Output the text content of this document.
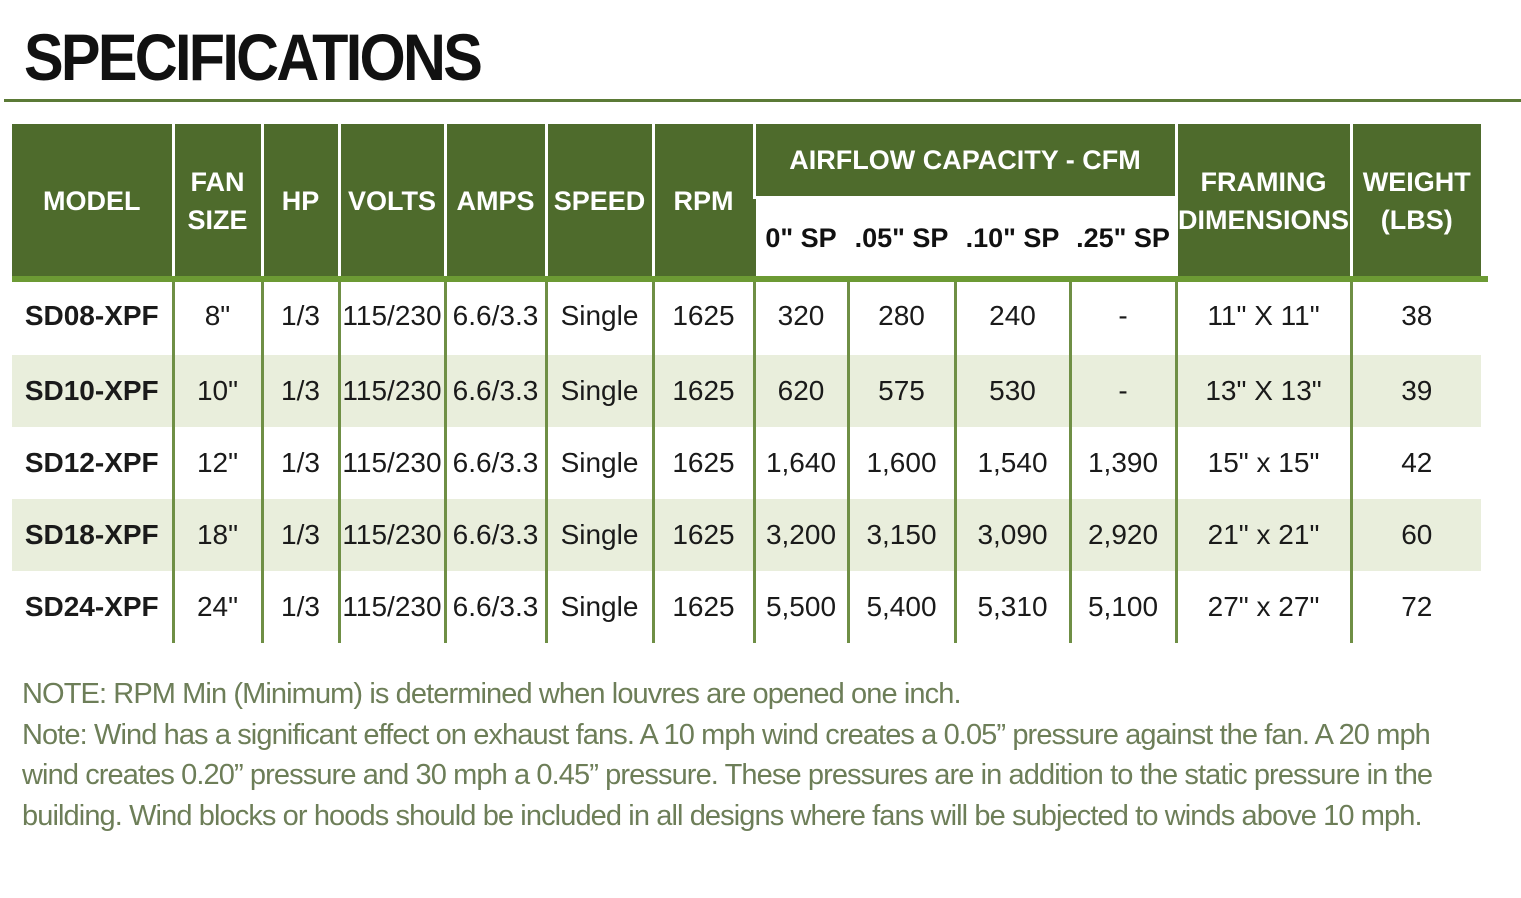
SPECIFICATIONS
MODEL	FAN SIZE	HP	VOLTS	AMPS	SPEED	RPM	AIRFLOW CAPACITY - CFM				FRAMING DIMENSIONS	WEIGHT (LBS)
							0" SP	.05" SP	.10" SP	.25" SP		
SD08-XPF	8"	1/3	115/230	6.6/3.3	Single	1625	320	280	240	-	11" X 11"	38
SD10-XPF	10"	1/3	115/230	6.6/3.3	Single	1625	620	575	530	-	13" X 13"	39
SD12-XPF	12"	1/3	115/230	6.6/3.3	Single	1625	1,640	1,600	1,540	1,390	15" x 15"	42
SD18-XPF	18"	1/3	115/230	6.6/3.3	Single	1625	3,200	3,150	3,090	2,920	21" x 21"	60
SD24-XPF	24"	1/3	115/230	6.6/3.3	Single	1625	5,500	5,400	5,310	5,100	27" x 27"	72

NOTE: RPM Min (Minimum) is determined when louvres are opened one inch.

Note: Wind has a significant effect on exhaust fans. A 10 mph wind creates a 0.05” pressure against the fan. A 20 mph wind creates 0.20” pressure and 30 mph a 0.45” pressure. These pressures are in addition to the static pressure in the building. Wind blocks or hoods should be included in all designs where fans will be subjected to winds above 10 mph.
